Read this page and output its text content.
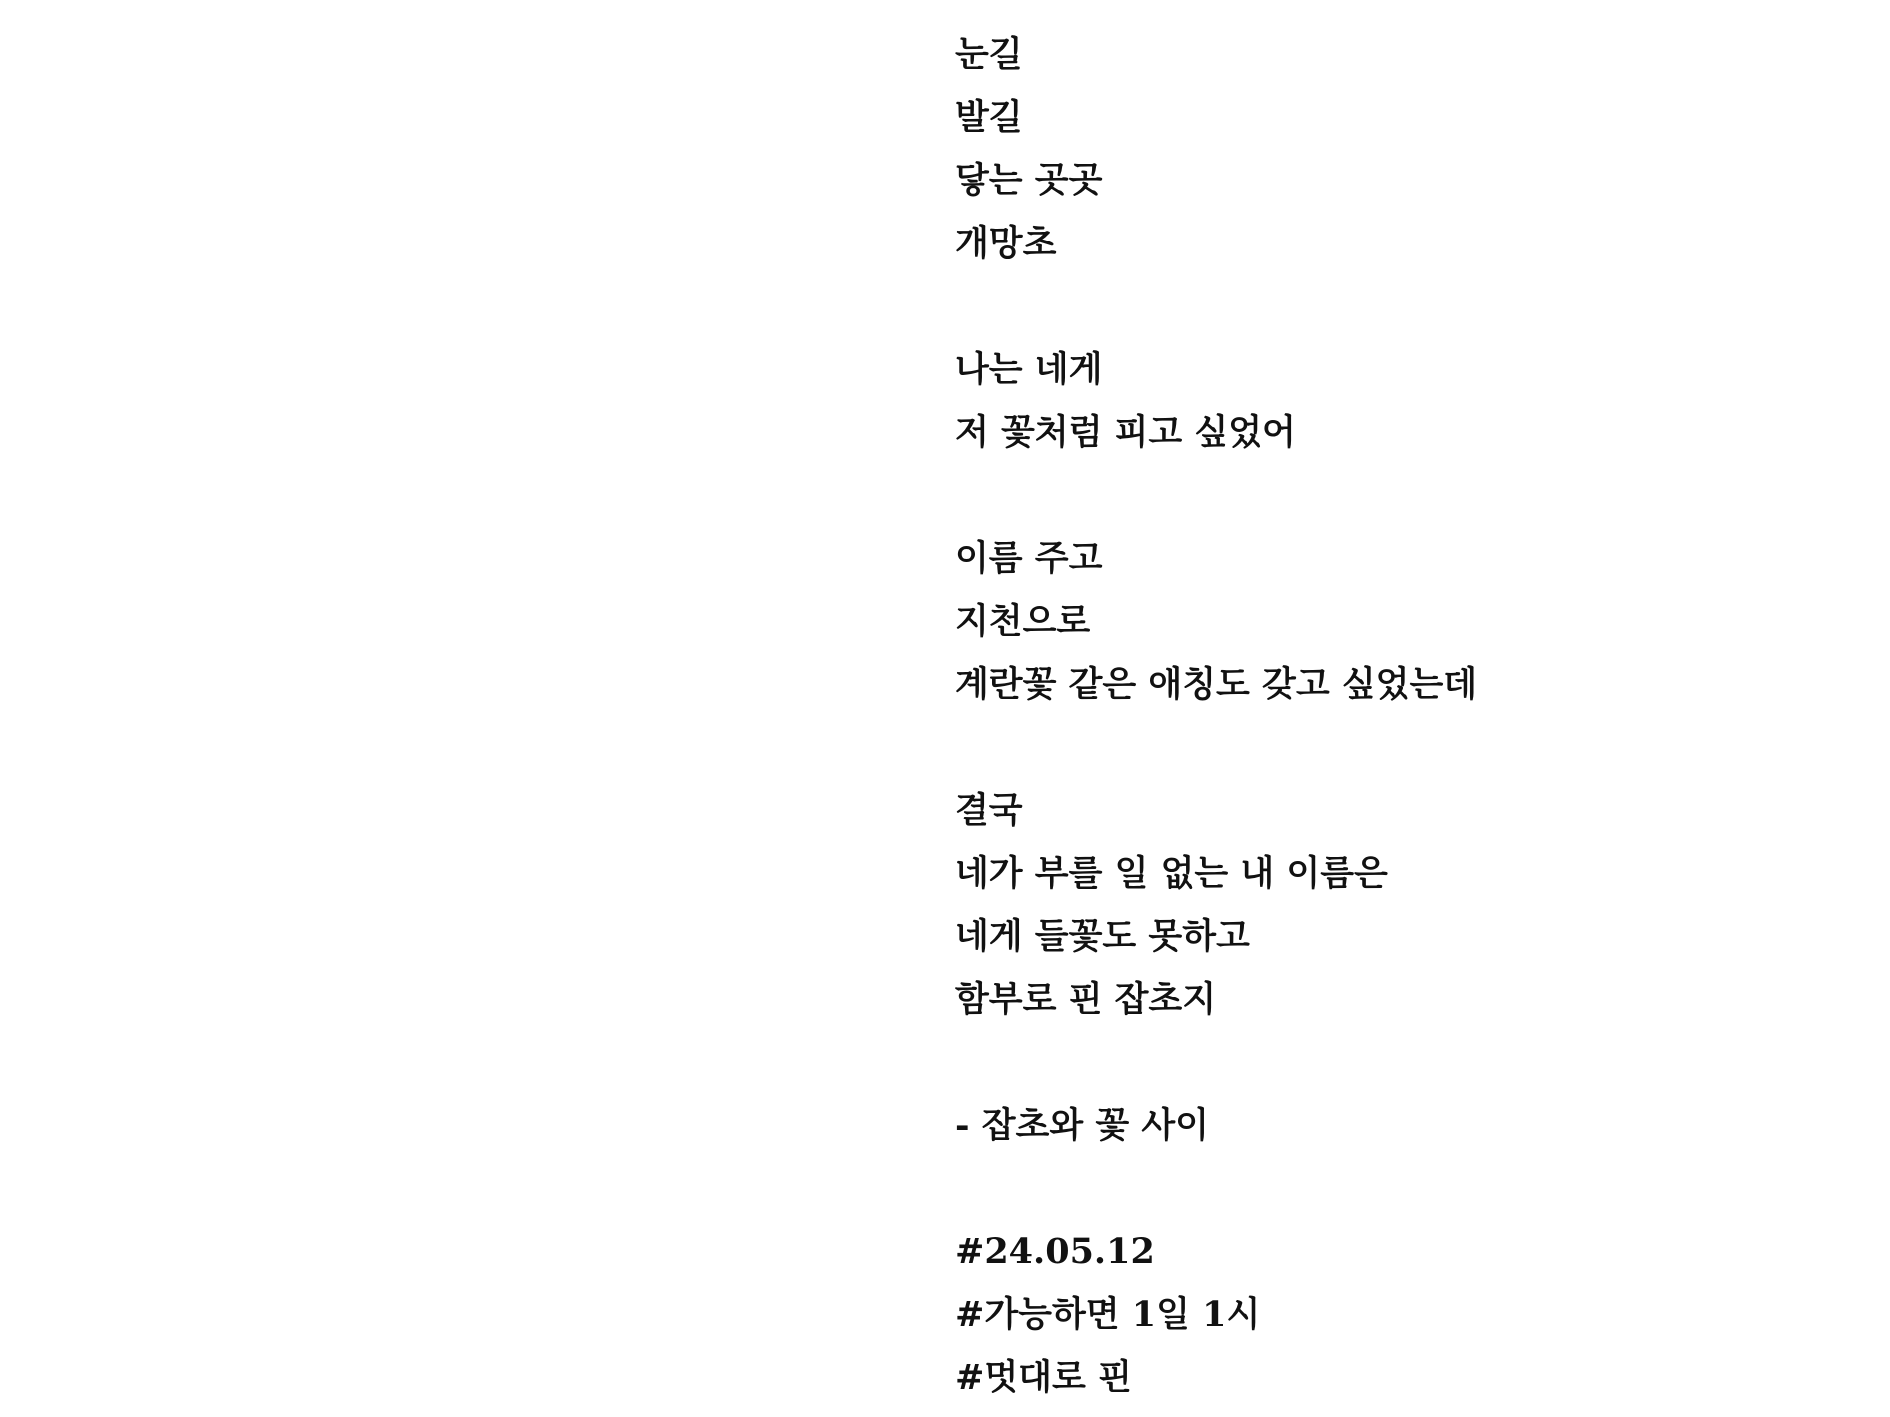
눈길
발길
닿는 곳곳
개망초
나는 네게
저 꽃처럼 피고 싶었어
이름 주고
지천으로
계란꽃 같은 애칭도 갖고 싶었는데
결국
네가 부를 일 없는 내 이름은
네게 들꽃도 못하고
함부로 핀 잡초지
- 잡초와 꽃 사이
#24.05.12
#가능하면 1일 1시
#멋대로 핀
